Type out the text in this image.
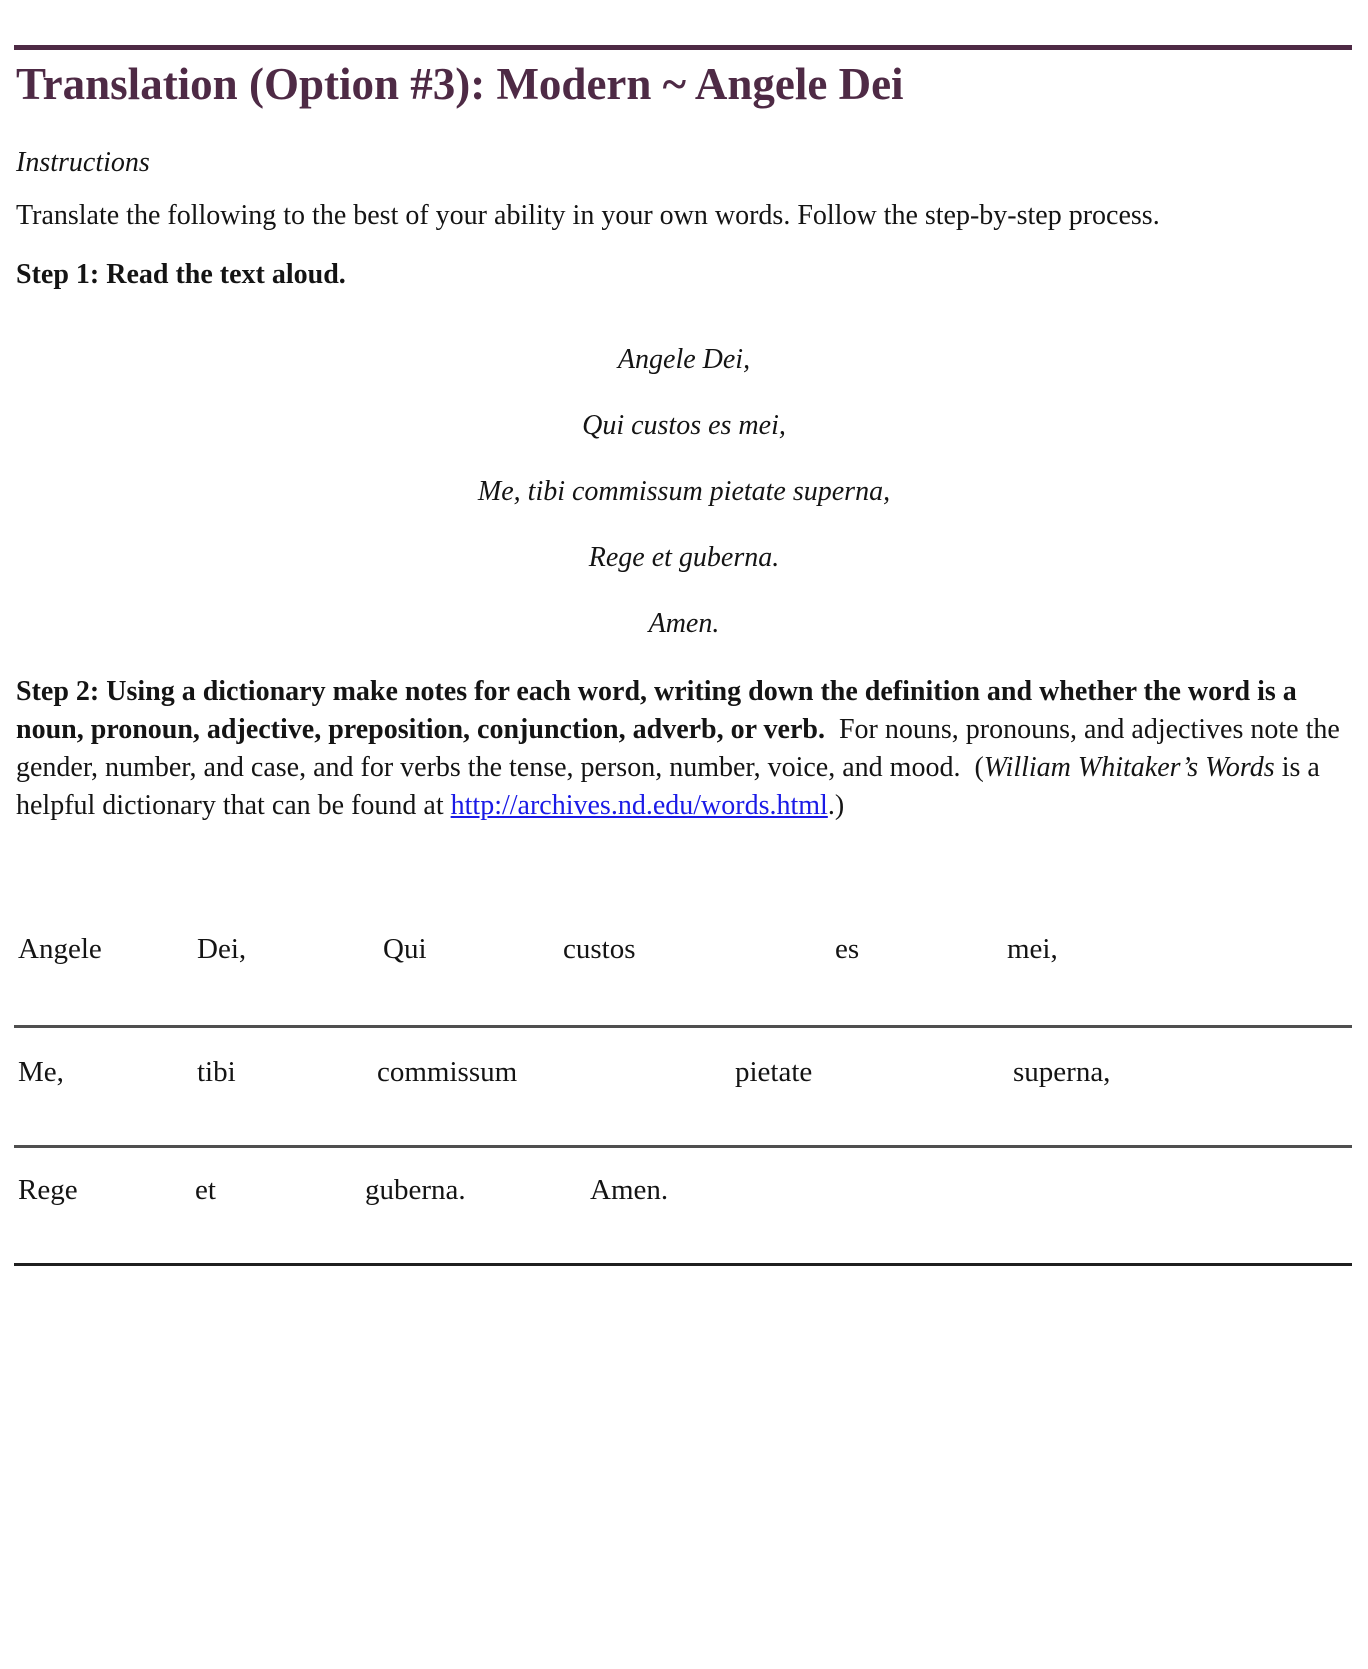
Translation (Option #3): Modern ~ Angele Dei
Instructions
Translate the following to the best of your ability in your own words. Follow the step-by-step process.
Step 1: Read the text aloud.
Angele Dei,
Qui custos es mei,
Me, tibi commissum pietate superna,
Rege et guberna.
Amen.
Step 2: Using a dictionary make notes for each word, writing down the definition and whether the word is a noun, pronoun, adjective, preposition, conjunction, adverb, or verb.  For nouns, pronouns, and adjectives note the gender, number, and case, and for verbs the tense, person, number, voice, and mood.  (William Whitaker’s Words is a helpful dictionary that can be found at http://archives.nd.edu/words.html.)
Angele	Dei,	Qui	custos	es	mei,
Me,	tibi	commissum	pietate	superna,
Rege	et	guberna.	Amen.
